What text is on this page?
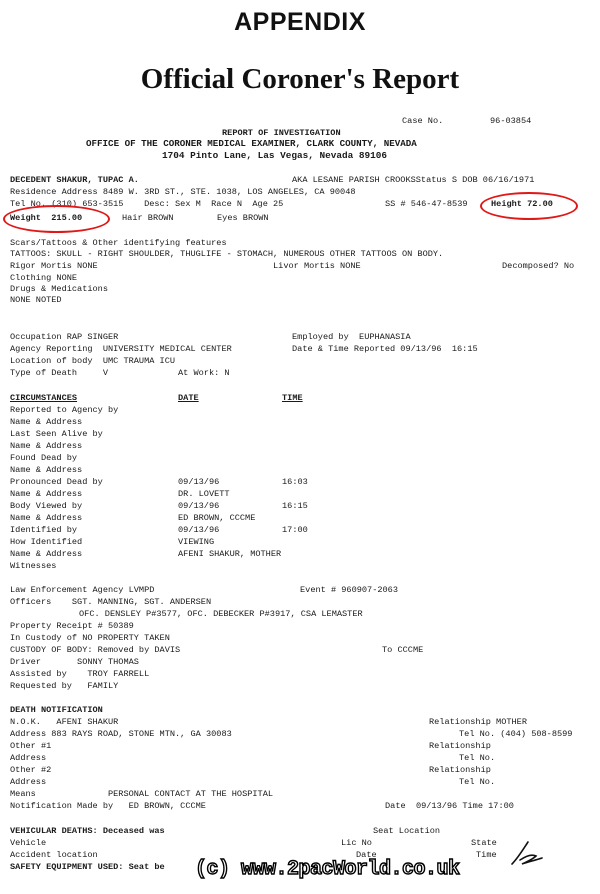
APPENDIX
Official Coroner's Report
Case No.	96-03854
REPORT OF INVESTIGATION
OFFICE OF THE CORONER MEDICAL EXAMINER, CLARK COUNTY, NEVADA
1704 Pinto Lane, Las Vegas, Nevada 89106
DECEDENT SHAKUR, TUPAC A.	AKA LESANE PARISH CROOKSStatus S DOB 06/16/1971
Residence Address 8489 W. 3RD ST., STE. 1038, LOS ANGELES, CA 90048
Tel No. (310) 653-3515    Desc: Sex M  Race N  Age 25	SS # 546-47-8539	Height 72.00
Weight  215.00	Hair BROWN	Eyes BROWN
Scars/Tattoos & Other identifying features
TATTOOS: SKULL - RIGHT SHOULDER, THUGLIFE - STOMACH, NUMEROUS OTHER TATTOOS ON BODY.
Rigor Mortis NONE	Livor Mortis NONE	Decomposed? No
Clothing NONE
Drugs & Medications
NONE NOTED
Occupation RAP SINGER	Employed by  EUPHANASIA
Agency Reporting  UNIVERSITY MEDICAL CENTER	Date & Time Reported 09/13/96  16:15
Location of body  UMC TRAUMA ICU
Type of Death     V	At Work: N
CIRCUMSTANCES	DATE	TIME
Reported to Agency by
Name & Address
Last Seen Alive by
Name & Address
Found Dead by
Name & Address
Pronounced Dead by	09/13/96	16:03
Name & Address	DR. LOVETT
Body Viewed by	09/13/96	16:15
Name & Address	ED BROWN, CCCME
Identified by	09/13/96	17:00
How Identified	VIEWING
Name & Address	AFENI SHAKUR, MOTHER
Witnesses
Law Enforcement Agency LVMPD	Event # 960907-2063
Officers    SGT. MANNING, SGT. ANDERSEN
OFC. DENSLEY P#3577, OFC. DEBECKER P#3917, CSA LEMASTER
Property Receipt # 50389
In Custody of NO PROPERTY TAKEN
CUSTODY OF BODY: Removed by DAVIS	To CCCME
Driver       SONNY THOMAS
Assisted by    TROY FARRELL
Requested by   FAMILY
DEATH NOTIFICATION
N.O.K.   AFENI SHAKUR	Relationship MOTHER
Address 883 RAYS ROAD, STONE MTN., GA 30083	Tel No. (404) 508-8599
Other #1	Relationship
Address	Tel No.
Other #2	Relationship
Address	Tel No.
Means              PERSONAL CONTACT AT THE HOSPITAL
Notification Made by   ED BROWN, CCCME	Date  09/13/96 Time 17:00
VEHICULAR DEATHS: Deceased was	Seat Location
Vehicle	Lic No	State
Accident location	Date	Time
SAFETY EQUIPMENT USED: Seat be (c) www.2pacWorld.co.uk
